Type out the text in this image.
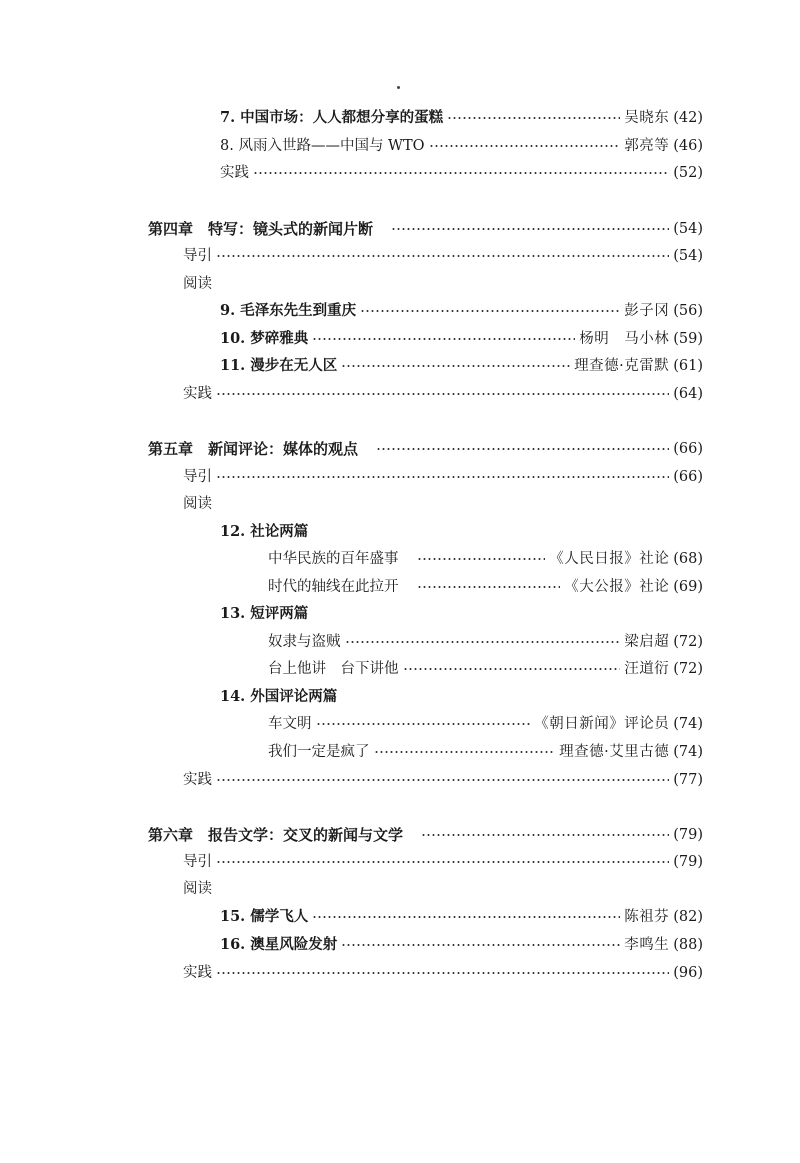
7. 中国市场：人人都想分享的蛋糕	吴晓东 (42)
8. 风雨入世路——中国与 WTO	郭亮等 (46)
实践	(52)
第四章　特写：镜头式的新闻片断	(54)
导引	(54)
阅读
9. 毛泽东先生到重庆	彭子冈 (56)
10. 梦碎雅典	杨明　马小林 (59)
11. 漫步在无人区	理查德·克雷默 (61)
实践	(64)
第五章　新闻评论：媒体的观点	(66)
导引	(66)
阅读
12. 社论两篇
中华民族的百年盛事	《人民日报》社论 (68)
时代的轴线在此拉开	《大公报》社论 (69)
13. 短评两篇
奴隶与盗贼	梁启超 (72)
台上他讲　台下讲他	汪道衍 (72)
14. 外国评论两篇
车文明	《朝日新闻》评论员 (74)
我们一定是疯了	理查德·艾里古德 (74)
实践	(77)
第六章　报告文学：交叉的新闻与文学	(79)
导引	(79)
阅读
15. 儒学飞人	陈祖芬 (82)
16. 澳星风险发射	李鸣生 (88)
实践	(96)
